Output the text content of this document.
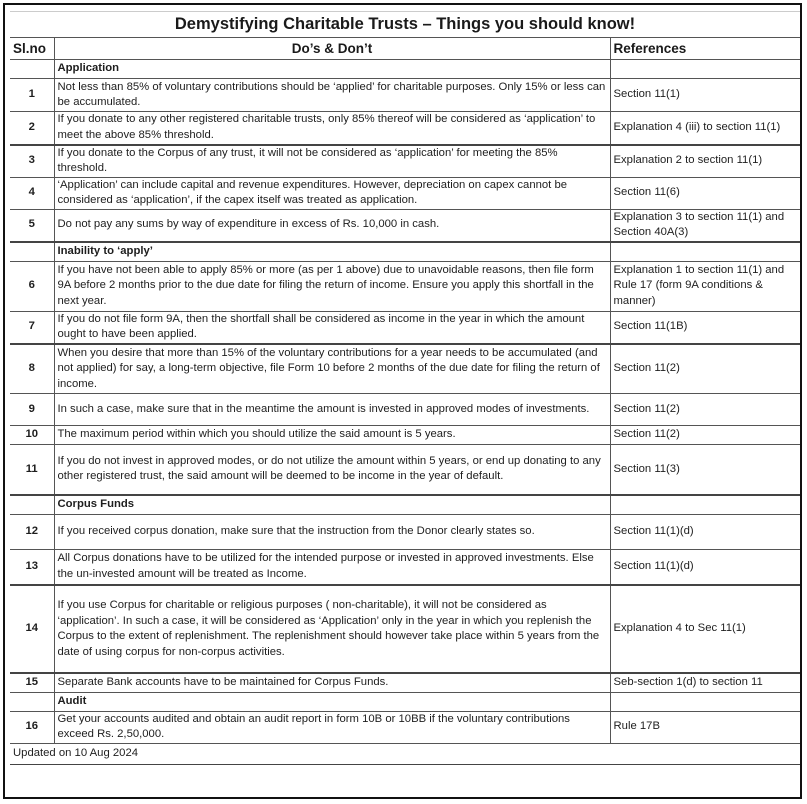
Demystifying Charitable Trusts – Things you should know!		
Sl.no	Do’s & Don’t	References
	Application	
1	Not less than 85% of voluntary contributions should be ‘applied’ for charitable purposes. Only 15% or less can be accumulated.	Section 11(1)
2	If you donate to any other registered charitable trusts, only 85% thereof will be considered as ‘application’ to meet the above 85% threshold.	Explanation 4 (iii) to section 11(1)
3	If you donate to the Corpus of any trust, it will not be considered as ‘application’ for meeting the 85% threshold.	Explanation 2 to section 11(1)
4	‘Application’ can include capital and revenue expenditures. However, depreciation on capex cannot be considered as ‘application’, if the capex itself was treated as application.	Section 11(6)
5	Do not pay any sums by way of expenditure in excess of Rs. 10,000 in cash.	Explanation 3 to section 11(1) and Section 40A(3)
	Inability to ‘apply’	
6	If you have not been able to apply 85% or more (as per 1 above) due to unavoidable reasons, then file form 9A before 2 months prior to the due date for filing the return of income. Ensure you apply this shortfall in the next year.	Explanation 1 to section 11(1) and Rule 17 (form 9A conditions & manner)
7	If you do not file form 9A, then the shortfall shall be considered as income in the year in which the amount ought to have been applied.	Section 11(1B)
8	When you desire that more than 15% of the voluntary contributions for a year needs to be accumulated (and not applied) for say, a long-term objective, file Form 10 before 2 months of the due date for filing the return of income.	Section 11(2)
9	In such a case, make sure that in the meantime the amount is invested in approved modes of investments.	Section 11(2)
10	The maximum period within which you should utilize the said amount is 5 years.	Section 11(2)
11	If you do not invest in approved modes, or do not utilize the amount within 5 years, or end up donating to any other registered trust, the said amount will be deemed to be income in the year of default.	Section 11(3)
	Corpus Funds	
12	If you received corpus donation, make sure that the instruction from the Donor clearly states so.	Section 11(1)(d)
13	All Corpus donations have to be utilized for the intended purpose or invested in approved investments. Else the un-invested amount will be treated as Income.	Section 11(1)(d)
14	If you use Corpus for charitable or religious purposes ( non-charitable), it will not be considered as ‘application’. In such a case, it will be considered as ‘Application’ only in the year in which you replenish the Corpus to the extent of replenishment. The replenishment should however take place within 5 years from the date of using corpus for non-corpus activities.	Explanation 4 to Sec 11(1)
15	Separate Bank accounts have to be maintained for Corpus Funds.	Seb-section 1(d) to section 11
	Audit	
16	Get your accounts audited and obtain an audit report in form 10B or 10BB if the voluntary contributions exceed Rs. 2,50,000.	Rule 17B
Updated on 10 Aug 2024		
